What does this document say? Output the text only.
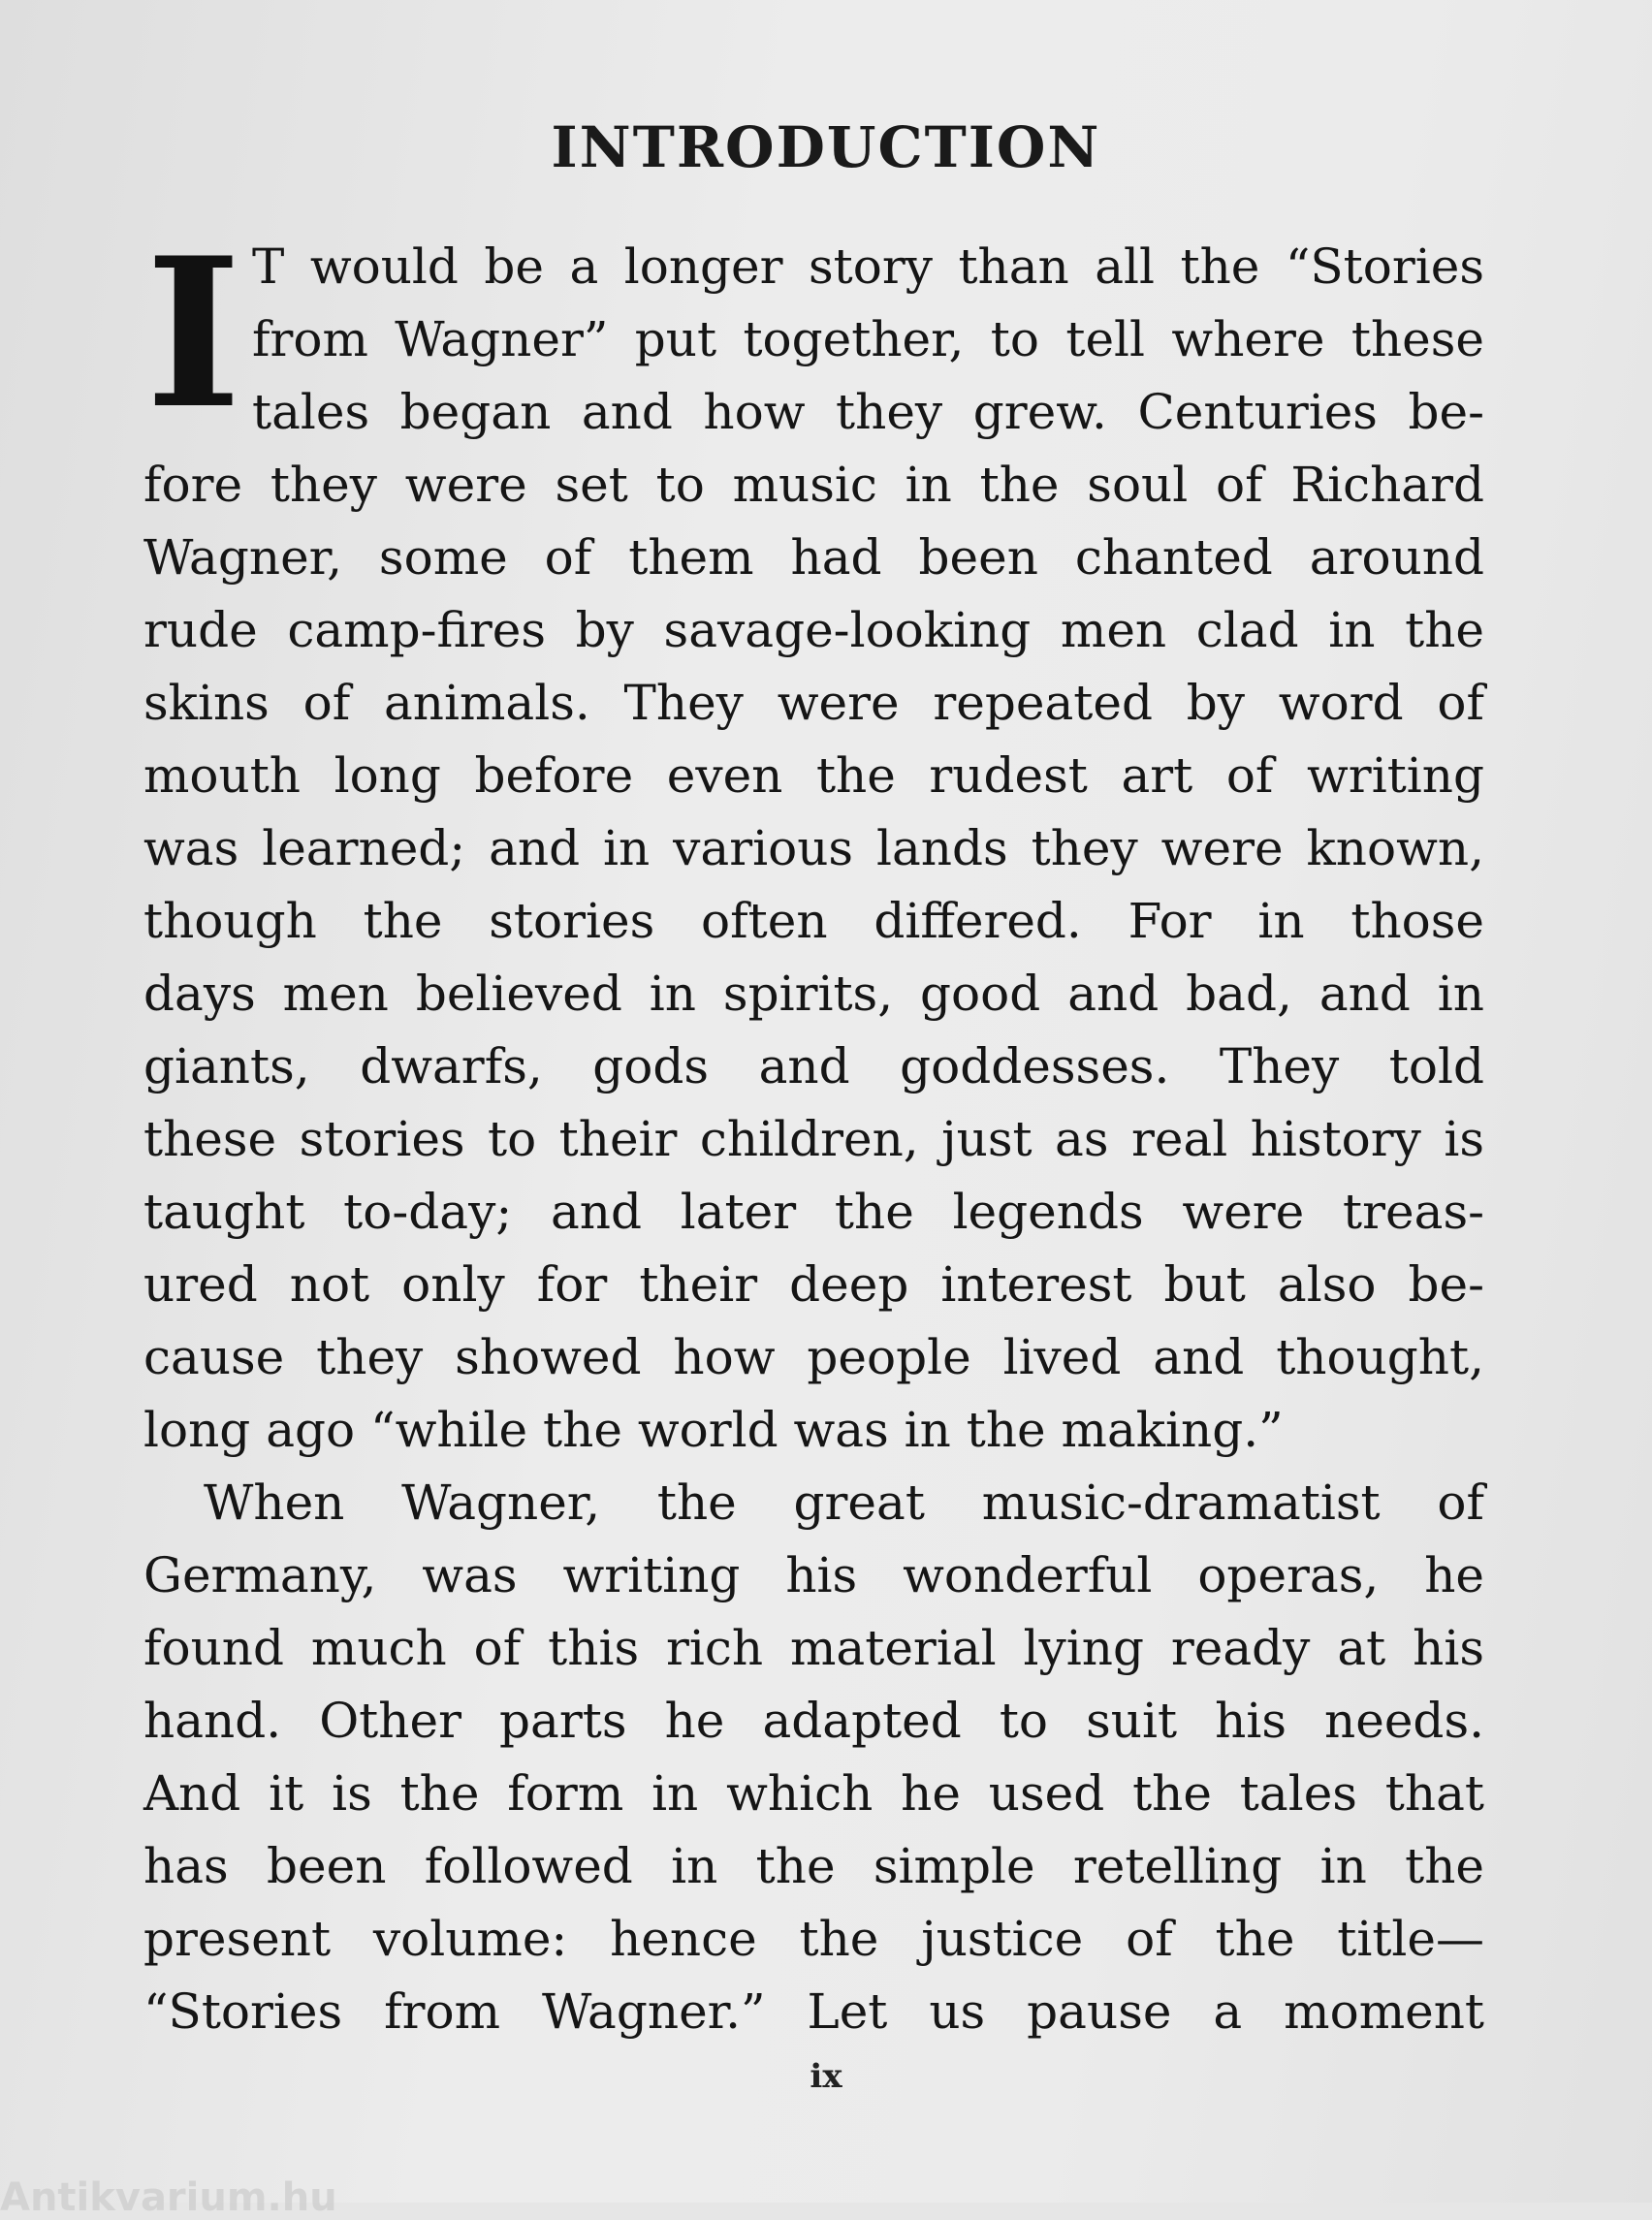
INTRODUCTION
I T would be a longer story than all the “Stories
from Wagner” put together, to tell where these
tales began and how they grew. Centuries be-
fore they were set to music in the soul of Richard
Wagner, some of them had been chanted around
rude camp-fires by savage-looking men clad in the
skins of animals. They were repeated by word of
mouth long before even the rudest art of writing
was learned; and in various lands they were known,
though the stories often differed. For in those
days men believed in spirits, good and bad, and in
giants, dwarfs, gods and goddesses. They told
these stories to their children, just as real history is
taught to-day; and later the legends were treas-
ured not only for their deep interest but also be-
cause they showed how people lived and thought,
long ago “while the world was in the making.”
When Wagner, the great music-dramatist of
Germany, was writing his wonderful operas, he
found much of this rich material lying ready at his
hand. Other parts he adapted to suit his needs.
And it is the form in which he used the tales that
has been followed in the simple retelling in the
present volume: hence the justice of the title—
“Stories from Wagner.” Let us pause a moment
ix
Antikvarium.hu
